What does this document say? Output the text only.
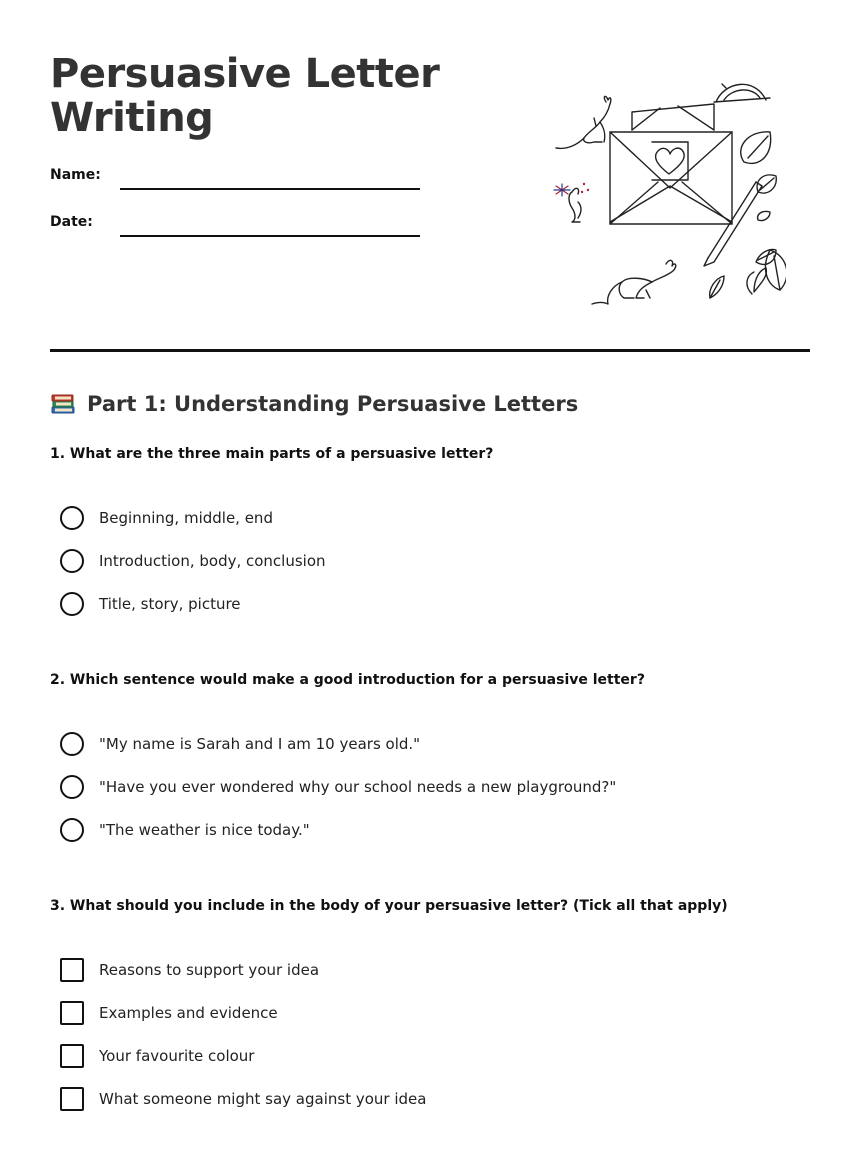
Persuasive Letter Writing
Name:
Date:
Part 1: Understanding Persuasive Letters

1. What are the three main parts of a persuasive letter?

Beginning, middle, end
Introduction, body, conclusion
Title, story, picture

2. Which sentence would make a good introduction for a persuasive letter?

"My name is Sarah and I am 10 years old."
"Have you ever wondered why our school needs a new playground?"
"The weather is nice today."

3. What should you include in the body of your persuasive letter? (Tick all that apply)

Reasons to support your idea
Examples and evidence
Your favourite colour
What someone might say against your idea
